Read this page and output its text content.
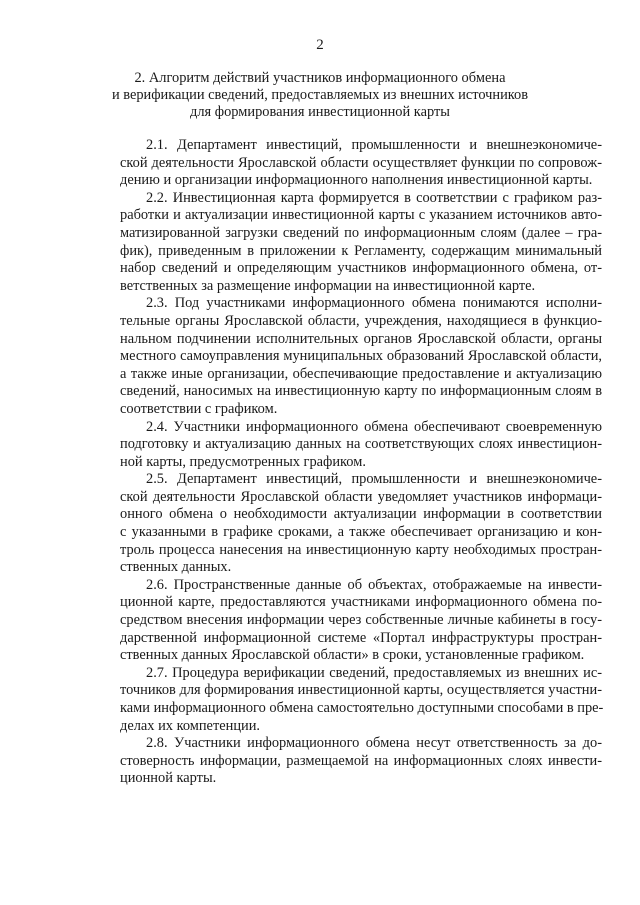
2
2. Алгоритм действий участников информационного обмена
и верификации сведений, предоставляемых из внешних источников
для формирования инвестиционной карты
2.1. Департамент инвестиций, промышленности и внешнеэкономиче-
ской деятельности Ярославской области осуществляет функции по сопровож-
дению и организации информационного наполнения инвестиционной карты.
2.2. Инвестиционная карта формируется в соответствии с графиком раз-
работки и актуализации инвестиционной карты с указанием источников авто-
матизированной загрузки сведений по информационным слоям (далее – гра-
фик), приведенным в приложении к Регламенту, содержащим минимальный
набор сведений и определяющим участников информационного обмена, от-
ветственных за размещение информации на инвестиционной карте.
2.3. Под участниками информационного обмена понимаются исполни-
тельные органы Ярославской области, учреждения, находящиеся в функцио-
нальном подчинении исполнительных органов Ярославской области, органы
местного самоуправления муниципальных образований Ярославской области,
а также иные организации, обеспечивающие предоставление и актуализацию
сведений, наносимых на инвестиционную карту по информационным слоям в
соответствии с графиком.
2.4. Участники информационного обмена обеспечивают своевременную
подготовку и актуализацию данных на соответствующих слоях инвестицион-
ной карты, предусмотренных графиком.
2.5. Департамент инвестиций, промышленности и внешнеэкономиче-
ской деятельности Ярославской области уведомляет участников информаци-
онного обмена о необходимости актуализации информации в соответствии
с указанными в графике сроками, а также обеспечивает организацию и кон-
троль процесса нанесения на инвестиционную карту необходимых простран-
ственных данных.
2.6. Пространственные данные об объектах, отображаемые на инвести-
ционной карте, предоставляются участниками информационного обмена по-
средством внесения информации через собственные личные кабинеты в госу-
дарственной информационной системе «Портал инфраструктуры простран-
ственных данных Ярославской области» в сроки, установленные графиком.
2.7. Процедура верификации сведений, предоставляемых из внешних ис-
точников для формирования инвестиционной карты, осуществляется участни-
ками информационного обмена самостоятельно доступными способами в пре-
делах их компетенции.
2.8. Участники информационного обмена несут ответственность за до-
стоверность информации, размещаемой на информационных слоях инвести-
ционной карты.
